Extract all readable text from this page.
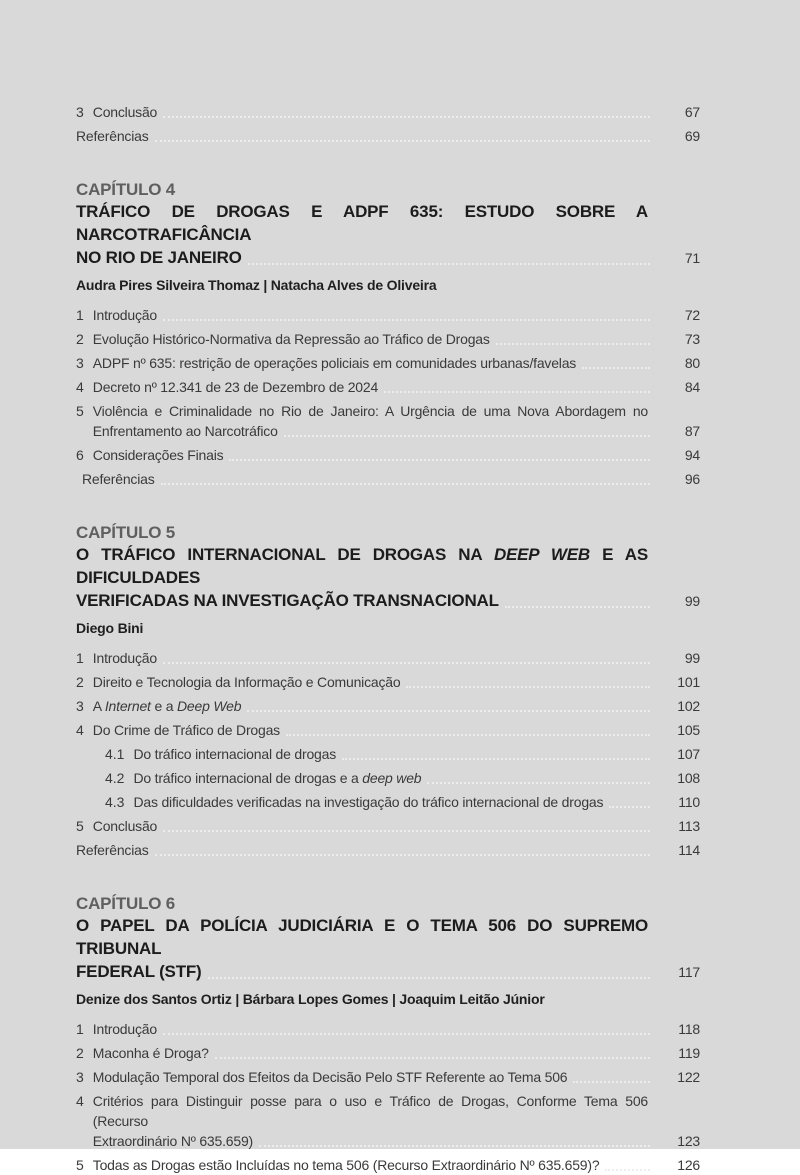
3 Conclusão	67
Referências	69
CAPÍTULO 4
TRÁFICO DE DROGAS E ADPF 635: ESTUDO SOBRE A NARCOTRAFICÂNCIA
NO RIO DE JANEIRO	71
Audra Pires Silveira Thomaz | Natacha Alves de Oliveira
1 Introdução	72
2 Evolução Histórico-Normativa da Repressão ao Tráfico de Drogas	73
3 ADPF nº 635: restrição de operações policiais em comunidades urbanas/favelas	80
4 Decreto nº 12.341 de 23 de Dezembro de 2024	84
5 Violência e Criminalidade no Rio de Janeiro: A Urgência de uma Nova Abordagem no
Enfrentamento ao Narcotráfico	87
6 Considerações Finais	94
Referências	96
CAPÍTULO 5
O TRÁFICO INTERNACIONAL DE DROGAS NA DEEP WEB E AS DIFICULDADES
VERIFICADAS NA INVESTIGAÇÃO TRANSNACIONAL	99
Diego Bini
1 Introdução	99
2 Direito e Tecnologia da Informação e Comunicação	101
3 A Internet e a Deep Web	102
4 Do Crime de Tráfico de Drogas	105
4.1 Do tráfico internacional de drogas	107
4.2 Do tráfico internacional de drogas e a deep web	108
4.3 Das dificuldades verificadas na investigação do tráfico internacional de drogas	110
5 Conclusão	113
Referências	114
CAPÍTULO 6
O PAPEL DA POLÍCIA JUDICIÁRIA E O TEMA 506 DO SUPREMO TRIBUNAL
FEDERAL (STF)	117
Denize dos Santos Ortiz | Bárbara Lopes Gomes | Joaquim Leitão Júnior
1 Introdução	118
2 Maconha é Droga?	119
3 Modulação Temporal dos Efeitos da Decisão Pelo STF Referente ao Tema 506	122
4 Critérios para Distinguir posse para o uso e Tráfico de Drogas, Conforme Tema 506 (Recurso
Extraordinário Nº 635.659)	123
5 Todas as Drogas estão Incluídas no tema 506 (Recurso Extraordinário Nº 635.659)?	126
